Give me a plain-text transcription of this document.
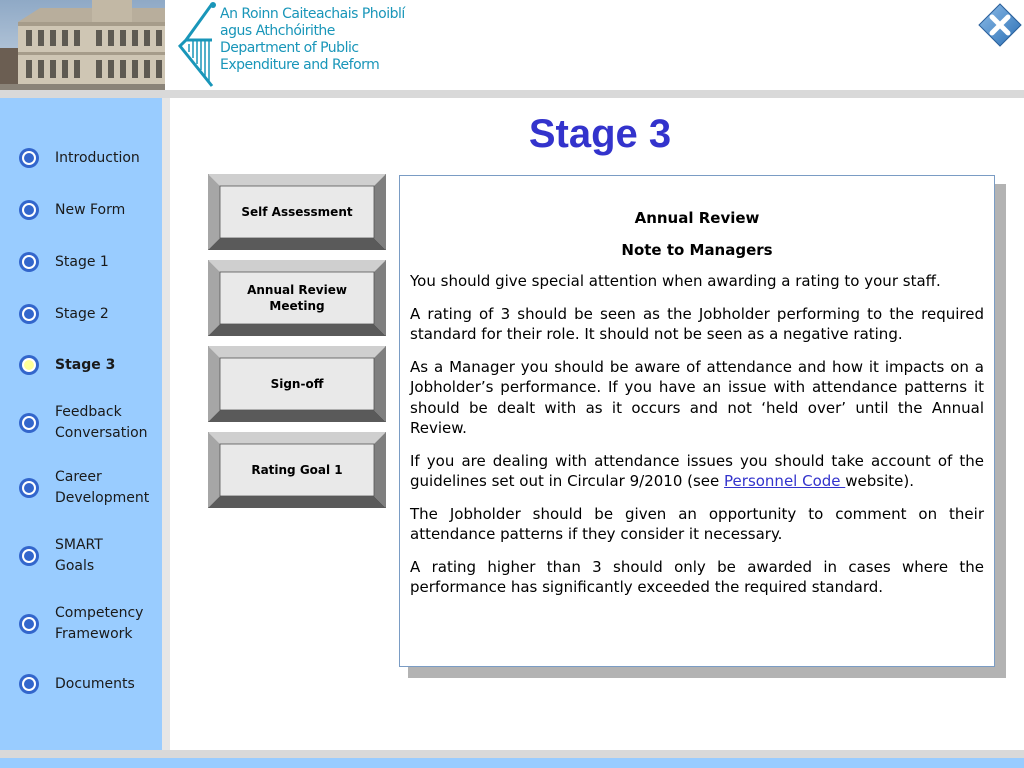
An Roinn Caiteachais Phoiblí
agus Athchóirithe
Department of Public
Expenditure and Reform
Introduction
New Form
Stage 1
Stage 2
Stage 3
Feedback
Conversation
Career
Development
SMART
Goals
Competency
Framework
Documents
Stage 3
Self Assessment
Annual Review
Meeting
Sign-off
Rating Goal 1

Annual Review

Note to Managers

You should give special attention when awarding a rating to your staff.

A rating of 3 should be seen as the Jobholder performing to the required standard for their role. It should not be seen as a negative rating.

As a Manager you should be aware of attendance and how it impacts on a Jobholder’s performance. If you have an issue with attendance patterns it should be dealt with as it occurs and not ‘held over’ until the Annual Review.

If you are dealing with attendance issues you should take account of the guidelines set out in Circular 9/2010 (see Personnel Code website).

The Jobholder should be given an opportunity to comment on their attendance patterns if they consider it necessary.

A rating higher than 3 should only be awarded in cases where the performance has significantly exceeded the required standard.
